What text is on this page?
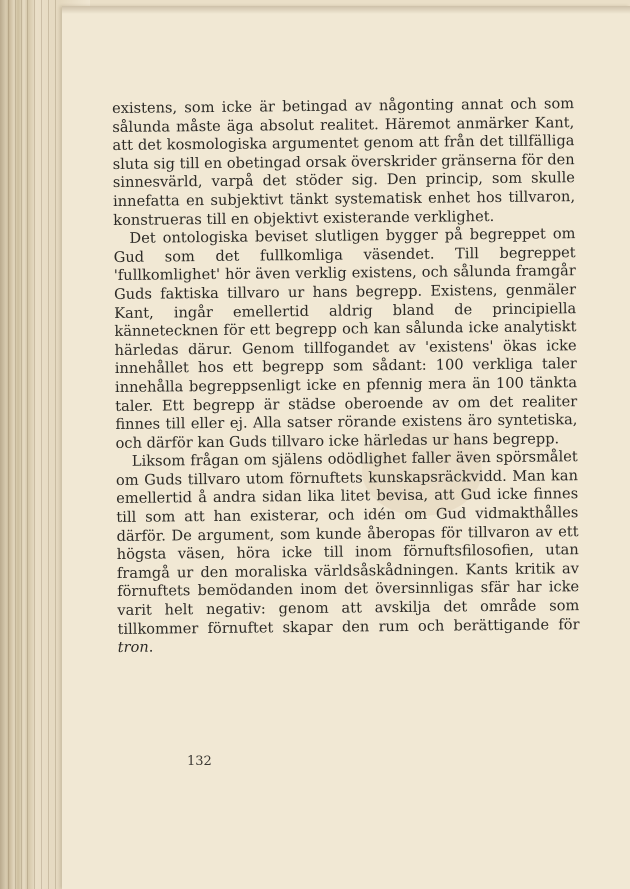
existens, som icke är betingad av någonting annat och som sålunda måste äga absolut realitet. Häremot anmärker Kant, att det kosmologiska argumentet genom att från det tillfälliga sluta sig till en obetingad orsak överskrider gränserna för den sinnesvärld, varpå det stöder sig. Den princip, som skulle innefatta en subjektivt tänkt systematisk enhet hos tillvaron, konstrueras till en objektivt existerande verklighet.

Det ontologiska beviset slutligen bygger på begreppet om Gud som det fullkomliga väsendet. Till begreppet 'fullkomlighet' hör även verklig existens, och sålunda framgår Guds faktiska tillvaro ur hans begrepp. Existens, genmäler Kant, ingår emellertid aldrig bland de principiella kännetecknen för ett begrepp och kan sålunda icke analytiskt härledas därur. Genom tillfogandet av 'existens' ökas icke innehållet hos ett begrepp som sådant: 100 verkliga taler innehålla begreppsenligt icke en pfennig mera än 100 tänkta taler. Ett begrepp är städse oberoende av om det realiter finnes till eller ej. Alla satser rörande existens äro syntetiska, och därför kan Guds tillvaro icke härledas ur hans begrepp.

Liksom frågan om själens odödlighet faller även spörsmålet om Guds tillvaro utom förnuftets kunskapsräckvidd. Man kan emellertid å andra sidan lika litet bevisa, att Gud icke finnes till som att han existerar, och idén om Gud vidmakthålles därför. De argument, som kunde åberopas för tillvaron av ett högsta väsen, höra icke till inom förnuftsfilosofien, utan framgå ur den moraliska världsåskådningen. Kants kritik av förnuftets bemödanden inom det översinnligas sfär har icke varit helt negativ: genom att avskilja det område som tillkommer förnuftet skapar den rum och berättigande för tron.

132
